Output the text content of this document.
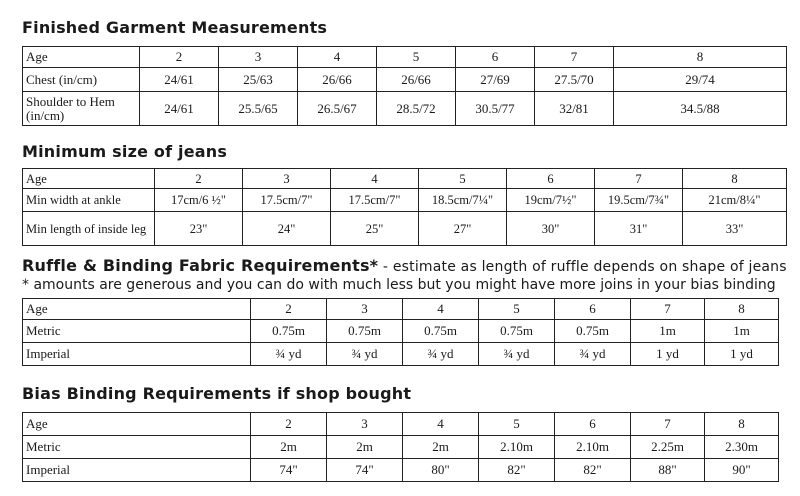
Finished Garment Measurements
Age	2	3	4	5	6	7	8
Chest (in/cm)	24/61	25/63	26/66	26/66	27/69	27.5/70	29/74
Shoulder to Hem (in/cm)	24/61	25.5/65	26.5/67	28.5/72	30.5/77	32/81	34.5/88
Minimum size of jeans
Age	2	3	4	5	6	7	8
Min width at ankle	17cm/6 ½"	17.5cm/7"	17.5cm/7"	18.5cm/7¼"	19cm/7½"	19.5cm/7¾"	21cm/8¼"
Min length of inside leg	23"	24"	25"	27"	30"	31"	33"
Ruffle & Binding Fabric Requirements* - estimate as length of ruffle depends on shape of jeans
* amounts are generous and you can do with much less but you might have more joins in your bias binding
Age	2	3	4	5	6	7	8
Metric	0.75m	0.75m	0.75m	0.75m	0.75m	1m	1m
Imperial	¾ yd	¾ yd	¾ yd	¾ yd	¾ yd	1 yd	1 yd
Bias Binding Requirements if shop bought
Age	2	3	4	5	6	7	8
Metric	2m	2m	2m	2.10m	2.10m	2.25m	2.30m
Imperial	74"	74"	80"	82"	82"	88"	90"
